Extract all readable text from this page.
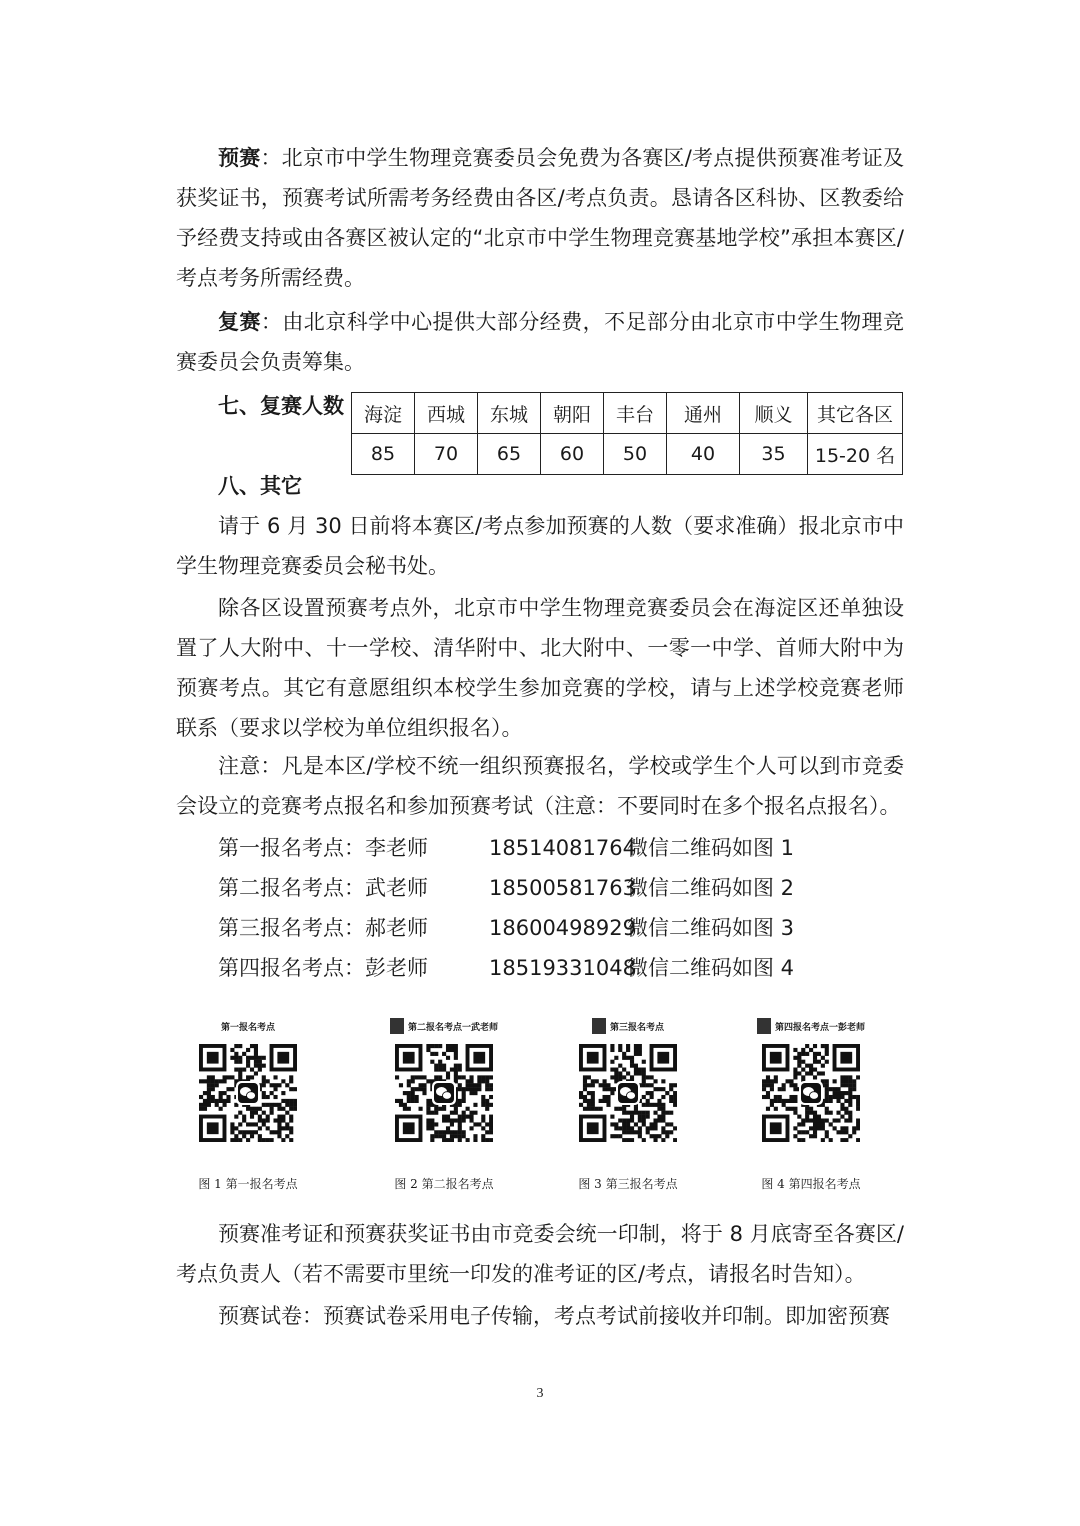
预赛：北京市中学生物理竞赛委员会免费为各赛区/考点提供预赛准考证及获奖证书，预赛考试所需考务经费由各区/考点负责。恳请各区科协、区教委给予经费支持或由各赛区被认定的“北京市中学生物理竞赛基地学校”承担本赛区/考点考务所需经费。

复赛：由北京科学中心提供大部分经费，不足部分由北京市中学生物理竞赛委员会负责筹集。

七、复赛人数 海淀	西城	东城	朝阳	丰台	通州	顺义	其它各区
85	70	65	60	50	40	35	15-20 名
八、其它

请于 6 月 30 日前将本赛区/考点参加预赛的人数（要求准确）报北京市中学生物理竞赛委员会秘书处。

除各区设置预赛考点外，北京市中学生物理竞赛委员会在海淀区还单独设置了人大附中、十一学校、清华附中、北大附中、一零一中学、首师大附中为预赛考点。其它有意愿组织本校学生参加竞赛的学校，请与上述学校竞赛老师联系（要求以学校为单位组织报名）。

注意：凡是本区/学校不统一组织预赛报名，学校或学生个人可以到市竞委会设立的竞赛考点报名和参加预赛考试（注意：不要同时在多个报名点报名）。

第一报名考点：李老师	18514081764微信二维码如图 1
第二报名考点：武老师	18500581763微信二维码如图 2
第三报名考点：郝老师	18600498929微信二维码如图 3
第四报名考点：彭老师	18519331048微信二维码如图 4
第一报名考点	第二报名考点一武老师	第三报名考点	第四报名考点一彭老师
图 1 第一报名考点	图 2 第二报名考点	图 3 第三报名考点	图 4 第四报名考点

预赛准考证和预赛获奖证书由市竞委会统一印制，将于 8 月底寄至各赛区/考点负责人（若不需要市里统一印发的准考证的区/考点，请报名时告知）。

预赛试卷：预赛试卷采用电子传输，考点考试前接收并印制。即加密预赛

3
